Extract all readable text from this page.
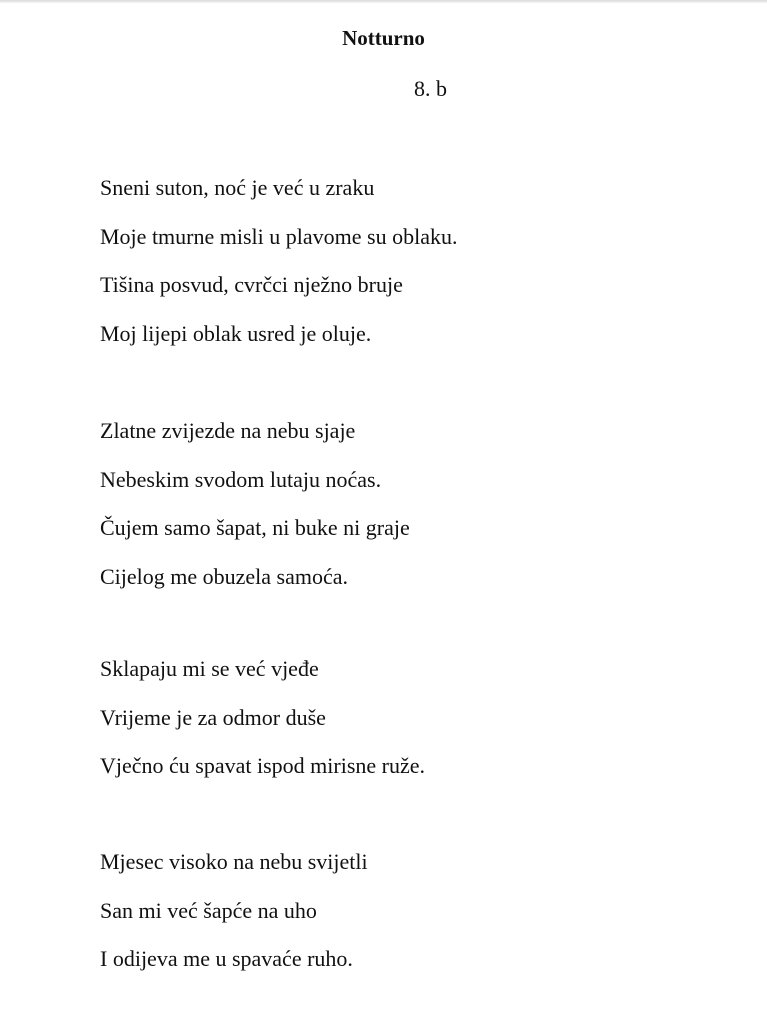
Notturno
8. b
Sneni suton, noć je već u zraku
Moje tmurne misli u plavome su oblaku.
Tišina posvud, cvrčci nježno bruje
Moj lijepi oblak usred je oluje.
Zlatne zvijezde na nebu sjaje
Nebeskim svodom lutaju noćas.
Čujem samo šapat, ni buke ni graje
Cijelog me obuzela samoća.
Sklapaju mi se već vjeđe
Vrijeme je za odmor duše
Vječno ću spavat ispod mirisne ruže.
Mjesec visoko na nebu svijetli
San mi već šapće na uho
I odijeva me u spavaće ruho.
